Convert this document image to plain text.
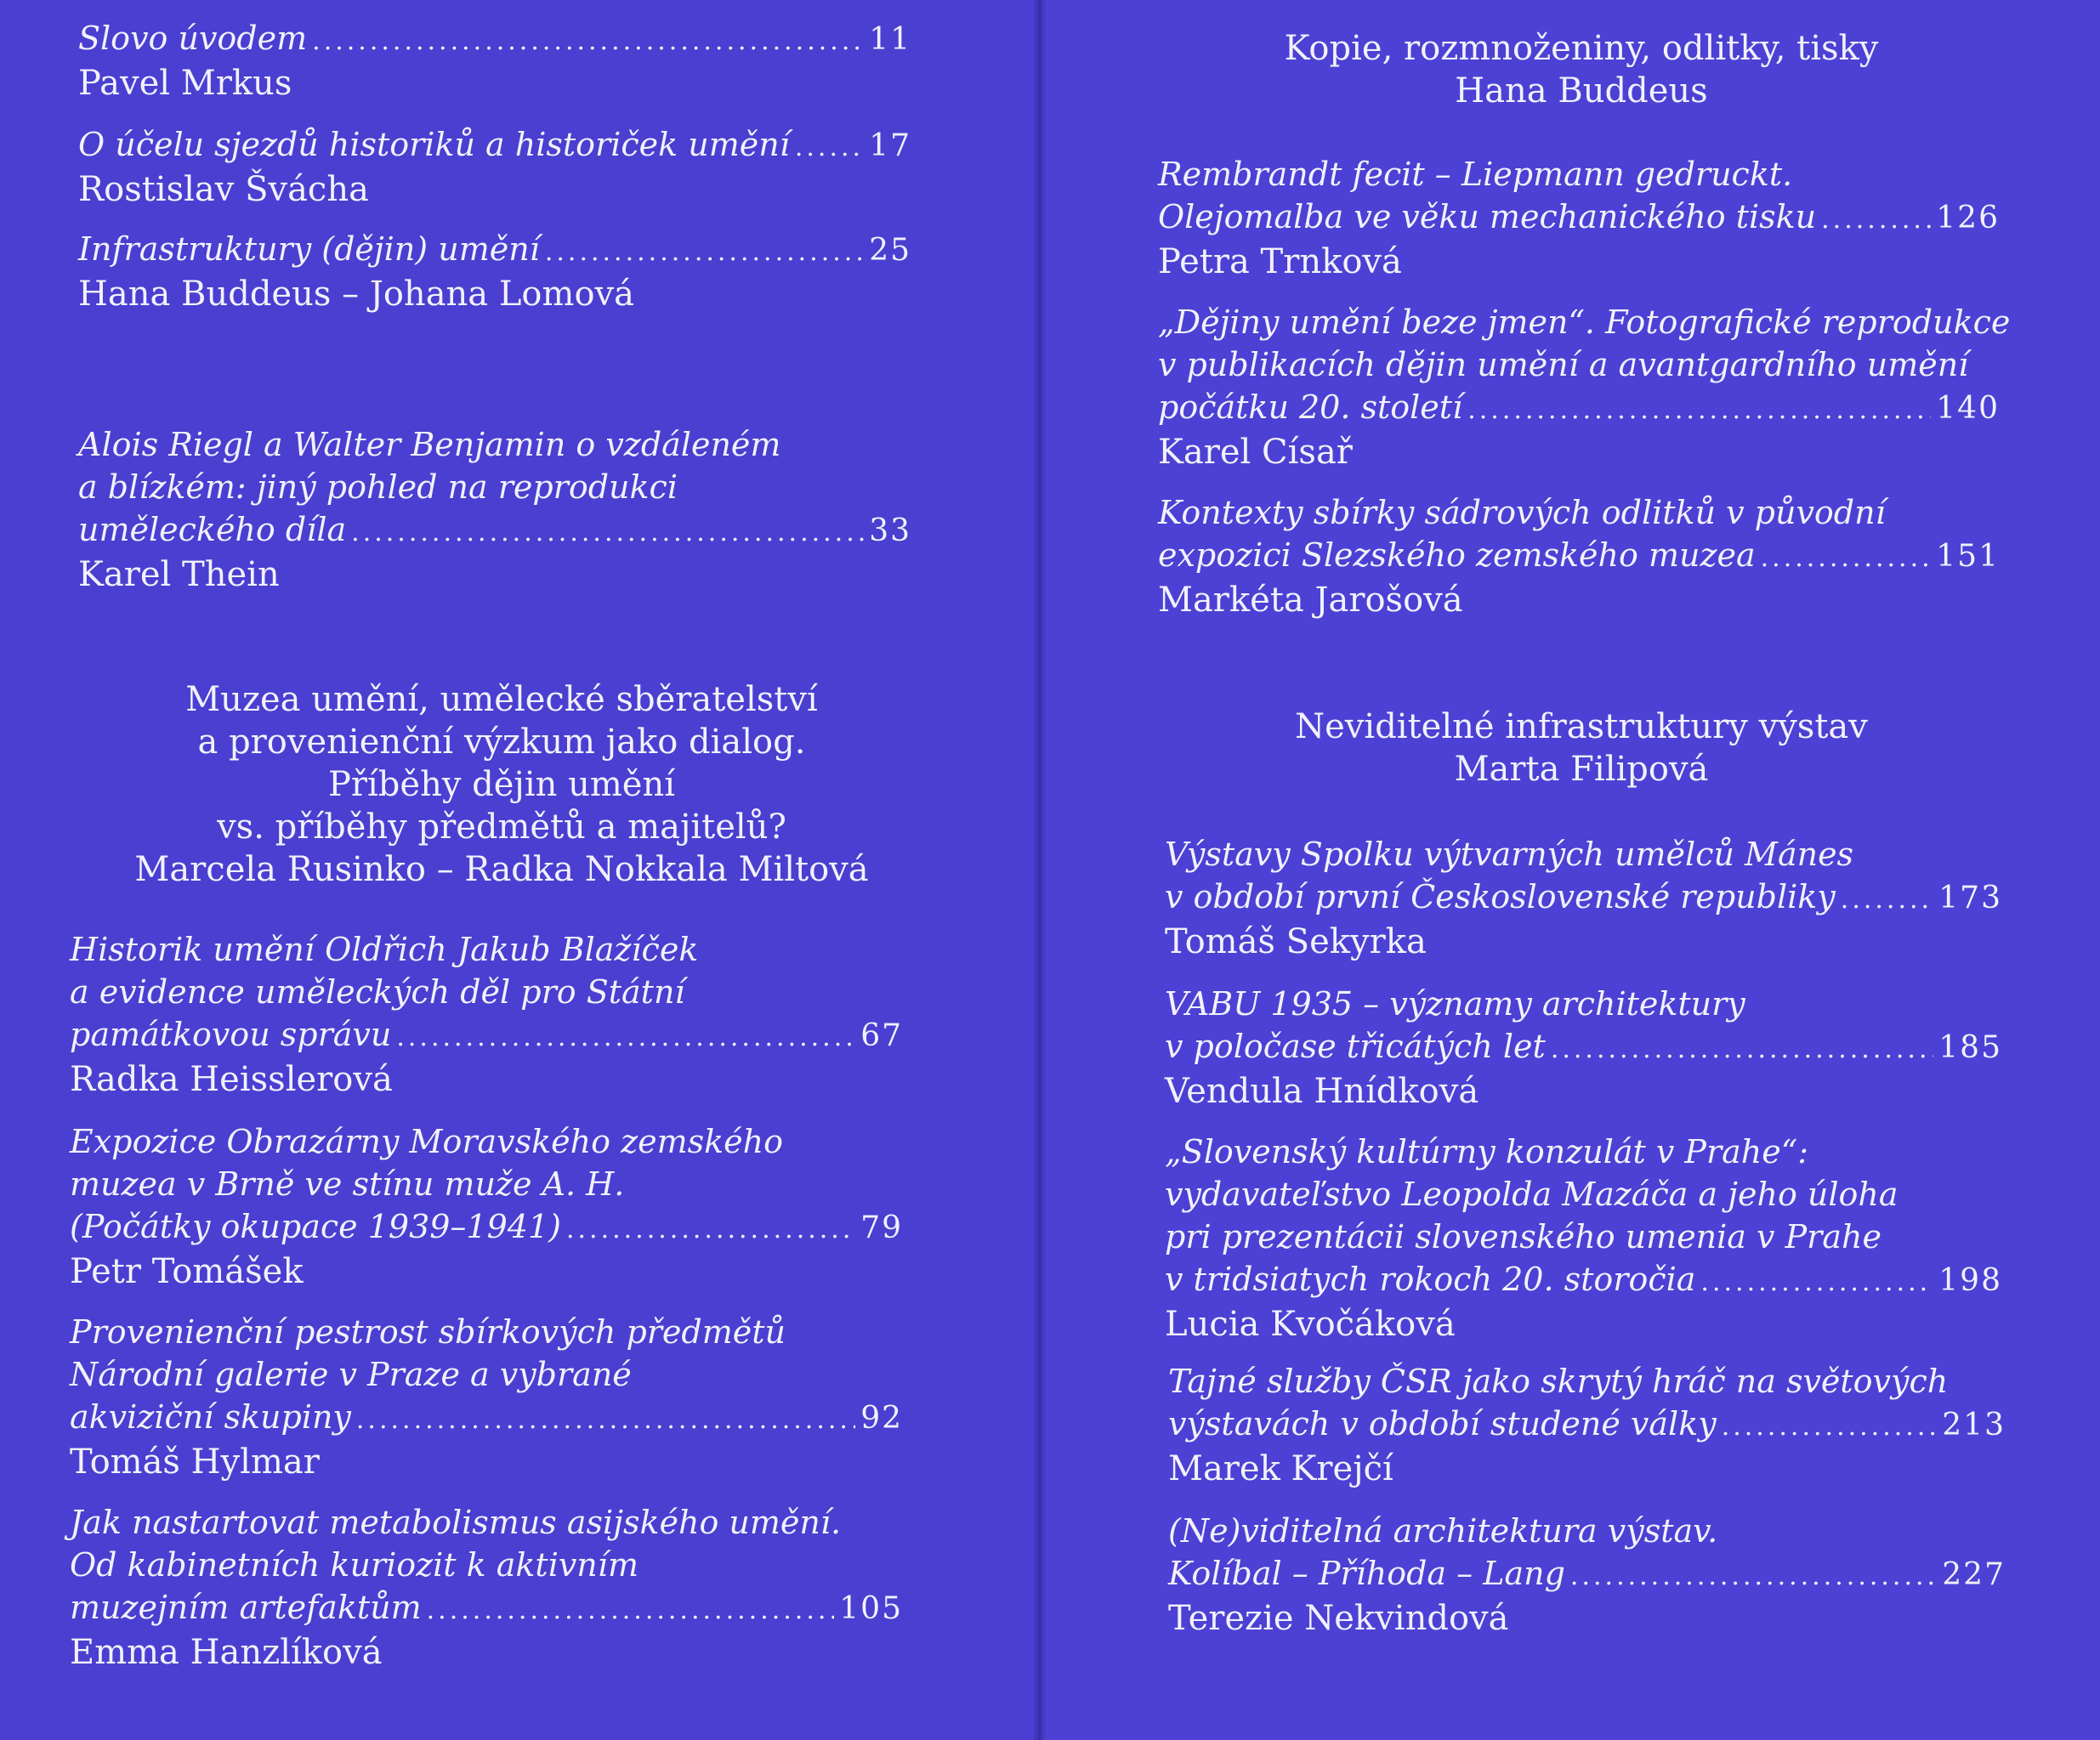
Slovo úvodem .....	11
Pavel Mrkus
O účelu sjezdů historiků a historiček umění .....	17
Rostislav Švácha
Infrastruktury (dějin) umění .....	25
Hana Buddeus – Johana Lomová
Alois Riegl a Walter Benjamin o vzdáleném
a blízkém: jiný pohled na reprodukci
uměleckého díla .....	33
Karel Thein
Muzea umění, umělecké sběratelství
a provenienční výzkum jako dialog.
Příběhy dějin umění
vs. příběhy předmětů a majitelů?
Marcela Rusinko – Radka Nokkala Miltová
Historik umění Oldřich Jakub Blažíček
a evidence uměleckých děl pro Státní
památkovou správu .....	67
Radka Heisslerová
Expozice Obrazárny Moravského zemského
muzea v Brně ve stínu muže A. H.
(Počátky okupace 1939–1941) .....	79
Petr Tomášek
Provenienční pestrost sbírkových předmětů
Národní galerie v Praze a vybrané
akviziční skupiny .....	92
Tomáš Hylmar
Jak nastartovat metabolismus asijského umění.
Od kabinetních kuriozit k aktivním
muzejním artefaktům .....	105
Emma Hanzlíková
Kopie, rozmnoženiny, odlitky, tisky
Hana Buddeus
Rembrandt fecit – Liepmann gedruckt.
Olejomalba ve věku mechanického tisku .....	126
Petra Trnková
„Dějiny umění beze jmen“. Fotografické reprodukce
v publikacích dějin umění a avantgardního umění
počátku 20. století .....	140
Karel Císař
Kontexty sbírky sádrových odlitků v původní
expozici Slezského zemského muzea .....	151
Markéta Jarošová
Neviditelné infrastruktury výstav
Marta Filipová
Výstavy Spolku výtvarných umělců Mánes
v období první Československé republiky .....	173
Tomáš Sekyrka
VABU 1935 – významy architektury
v poločase třicátých let .....	185
Vendula Hnídková
„Slovenský kultúrny konzulát v Prahe“:
vydavateľstvo Leopolda Mazáča a jeho úloha
pri prezentácii slovenského umenia v Prahe
v tridsiatych rokoch 20. storočia .....	198
Lucia Kvočáková
Tajné služby ČSR jako skrytý hráč na světových
výstavách v období studené války .....	213
Marek Krejčí
(Ne)viditelná architektura výstav.
Kolíbal – Příhoda – Lang .....	227
Terezie Nekvindová
